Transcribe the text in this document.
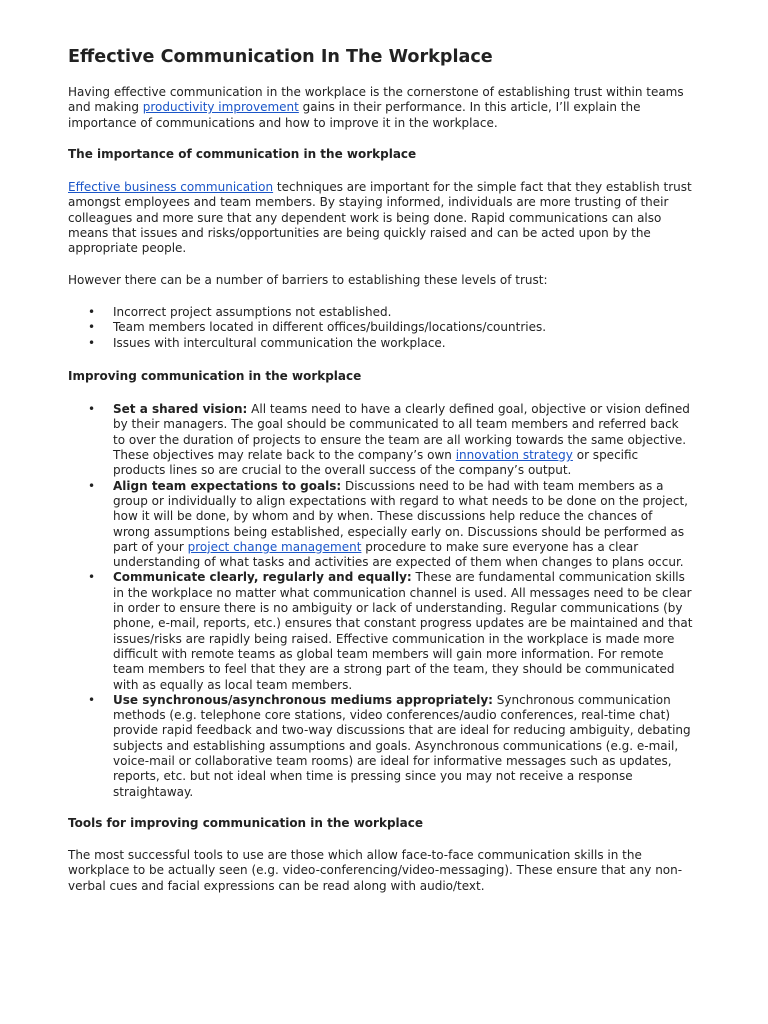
Effective Communication In The Workplace

Having effective communication in the workplace is the cornerstone of establishing trust within teams and making productivity improvement gains in their performance. In this article, I’ll explain the importance of communications and how to improve it in the workplace.

The importance of communication in the workplace

Effective business communication techniques are important for the simple fact that they establish trust amongst employees and team members. By staying informed, individuals are more trusting of their colleagues and more sure that any dependent work is being done. Rapid communications can also means that issues and risks/opportunities are being quickly raised and can be acted upon by the appropriate people.

However there can be a number of barriers to establishing these levels of trust:

• Incorrect project assumptions not established.
• Team members located in different offices/buildings/locations/countries.
• Issues with intercultural communication the workplace.
Improving communication in the workplace
• Set a shared vision: All teams need to have a clearly defined goal, objective or vision defined by their managers. The goal should be communicated to all team members and referred back to over the duration of projects to ensure the team are all working towards the same objective. These objectives may relate back to the company’s own innovation strategy or specific products lines so are crucial to the overall success of the company’s output.
• Align team expectations to goals: Discussions need to be had with team members as a group or individually to align expectations with regard to what needs to be done on the project, how it will be done, by whom and by when. These discussions help reduce the chances of wrong assumptions being established, especially early on. Discussions should be performed as part of your project change management procedure to make sure everyone has a clear understanding of what tasks and activities are expected of them when changes to plans occur.
• Communicate clearly, regularly and equally: These are fundamental communication skills in the workplace no matter what communication channel is used. All messages need to be clear in order to ensure there is no ambiguity or lack of understanding. Regular communications (by phone, e-mail, reports, etc.) ensures that constant progress updates are be maintained and that issues/risks are rapidly being raised. Effective communication in the workplace is made more difficult with remote teams as global team members will gain more information. For remote team members to feel that they are a strong part of the team, they should be communicated with as equally as local team members.
• Use synchronous/asynchronous mediums appropriately: Synchronous communication methods (e.g. telephone core stations, video conferences/audio conferences, real-time chat) provide rapid feedback and two-way discussions that are ideal for reducing ambiguity, debating subjects and establishing assumptions and goals. Asynchronous communications (e.g. e-mail, voice-mail or collaborative team rooms) are ideal for informative messages such as updates, reports, etc. but not ideal when time is pressing since you may not receive a response straightaway.
Tools for improving communication in the workplace

The most successful tools to use are those which allow face-to-face communication skills in the workplace to be actually seen (e.g. video-conferencing/video-messaging). These ensure that any non-verbal cues and facial expressions can be read along with audio/text.
